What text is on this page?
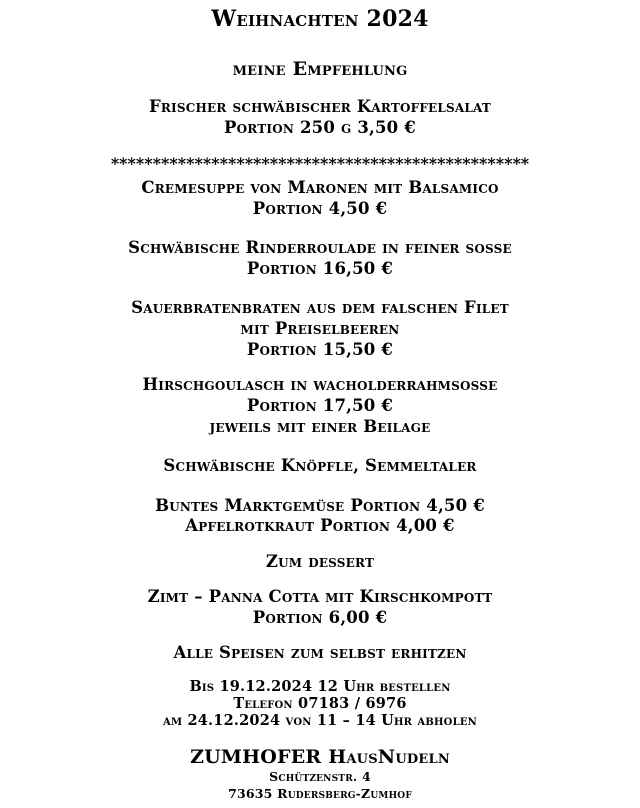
Weihnachten 2024
meine Empfehlung
Frischer schwäbischer Kartoffelsalat
Portion 250 g 3,50 €
**************************************************
Cremesuppe von Maronen mit Balsamico
Portion 4,50 €
Schwäbische Rinderroulade in feiner sosse
Portion 16,50 €
Sauerbratenbraten aus dem falschen Filet
mit Preiselbeeren
Portion 15,50 €
Hirschgoulasch in wacholderrahmsosse
Portion 17,50 €
jeweils mit einer Beilage
Schwäbische Knöpfle, Semmeltaler
Buntes Marktgemüse Portion 4,50 €
Apfelrotkraut Portion 4,00 €
Zum dessert
Zimt – Panna Cotta mit Kirschkompott
Portion 6,00 €
Alle Speisen zum selbst erhitzen
Bis 19.12.2024 12 Uhr bestellen
Telefon 07183 / 6976
am 24.12.2024 von 11 – 14 Uhr abholen
ZUMHOFER HausNudeln
Schützenstr. 4
73635 Rudersberg-Zumhof
